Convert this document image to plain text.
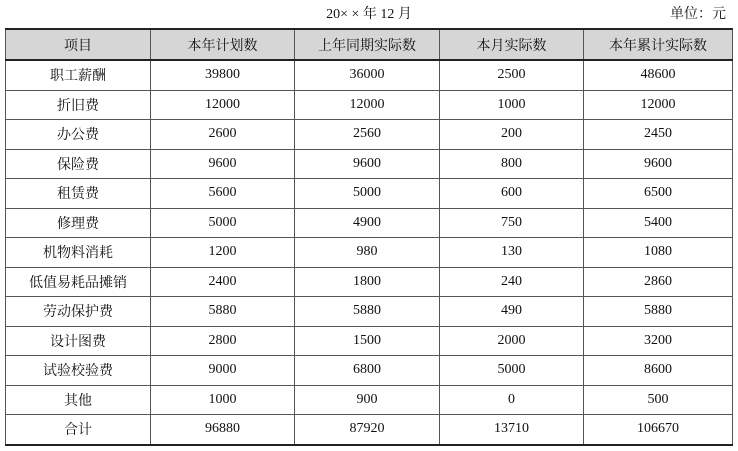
20× × 年 12 月	单位：元
项目	本年计划数	上年同期实际数	本月实际数	本年累计实际数
职工薪酬	39800	36000	2500	48600
折旧费	12000	12000	1000	12000
办公费	2600	2560	200	2450
保险费	9600	9600	800	9600
租赁费	5600	5000	600	6500
修理费	5000	4900	750	5400
机物料消耗	1200	980	130	1080
低值易耗品摊销	2400	1800	240	2860
劳动保护费	5880	5880	490	5880
设计图费	2800	1500	2000	3200
试验校验费	9000	6800	5000	8600
其他	1000	900	0	500
合计	96880	87920	13710	106670
